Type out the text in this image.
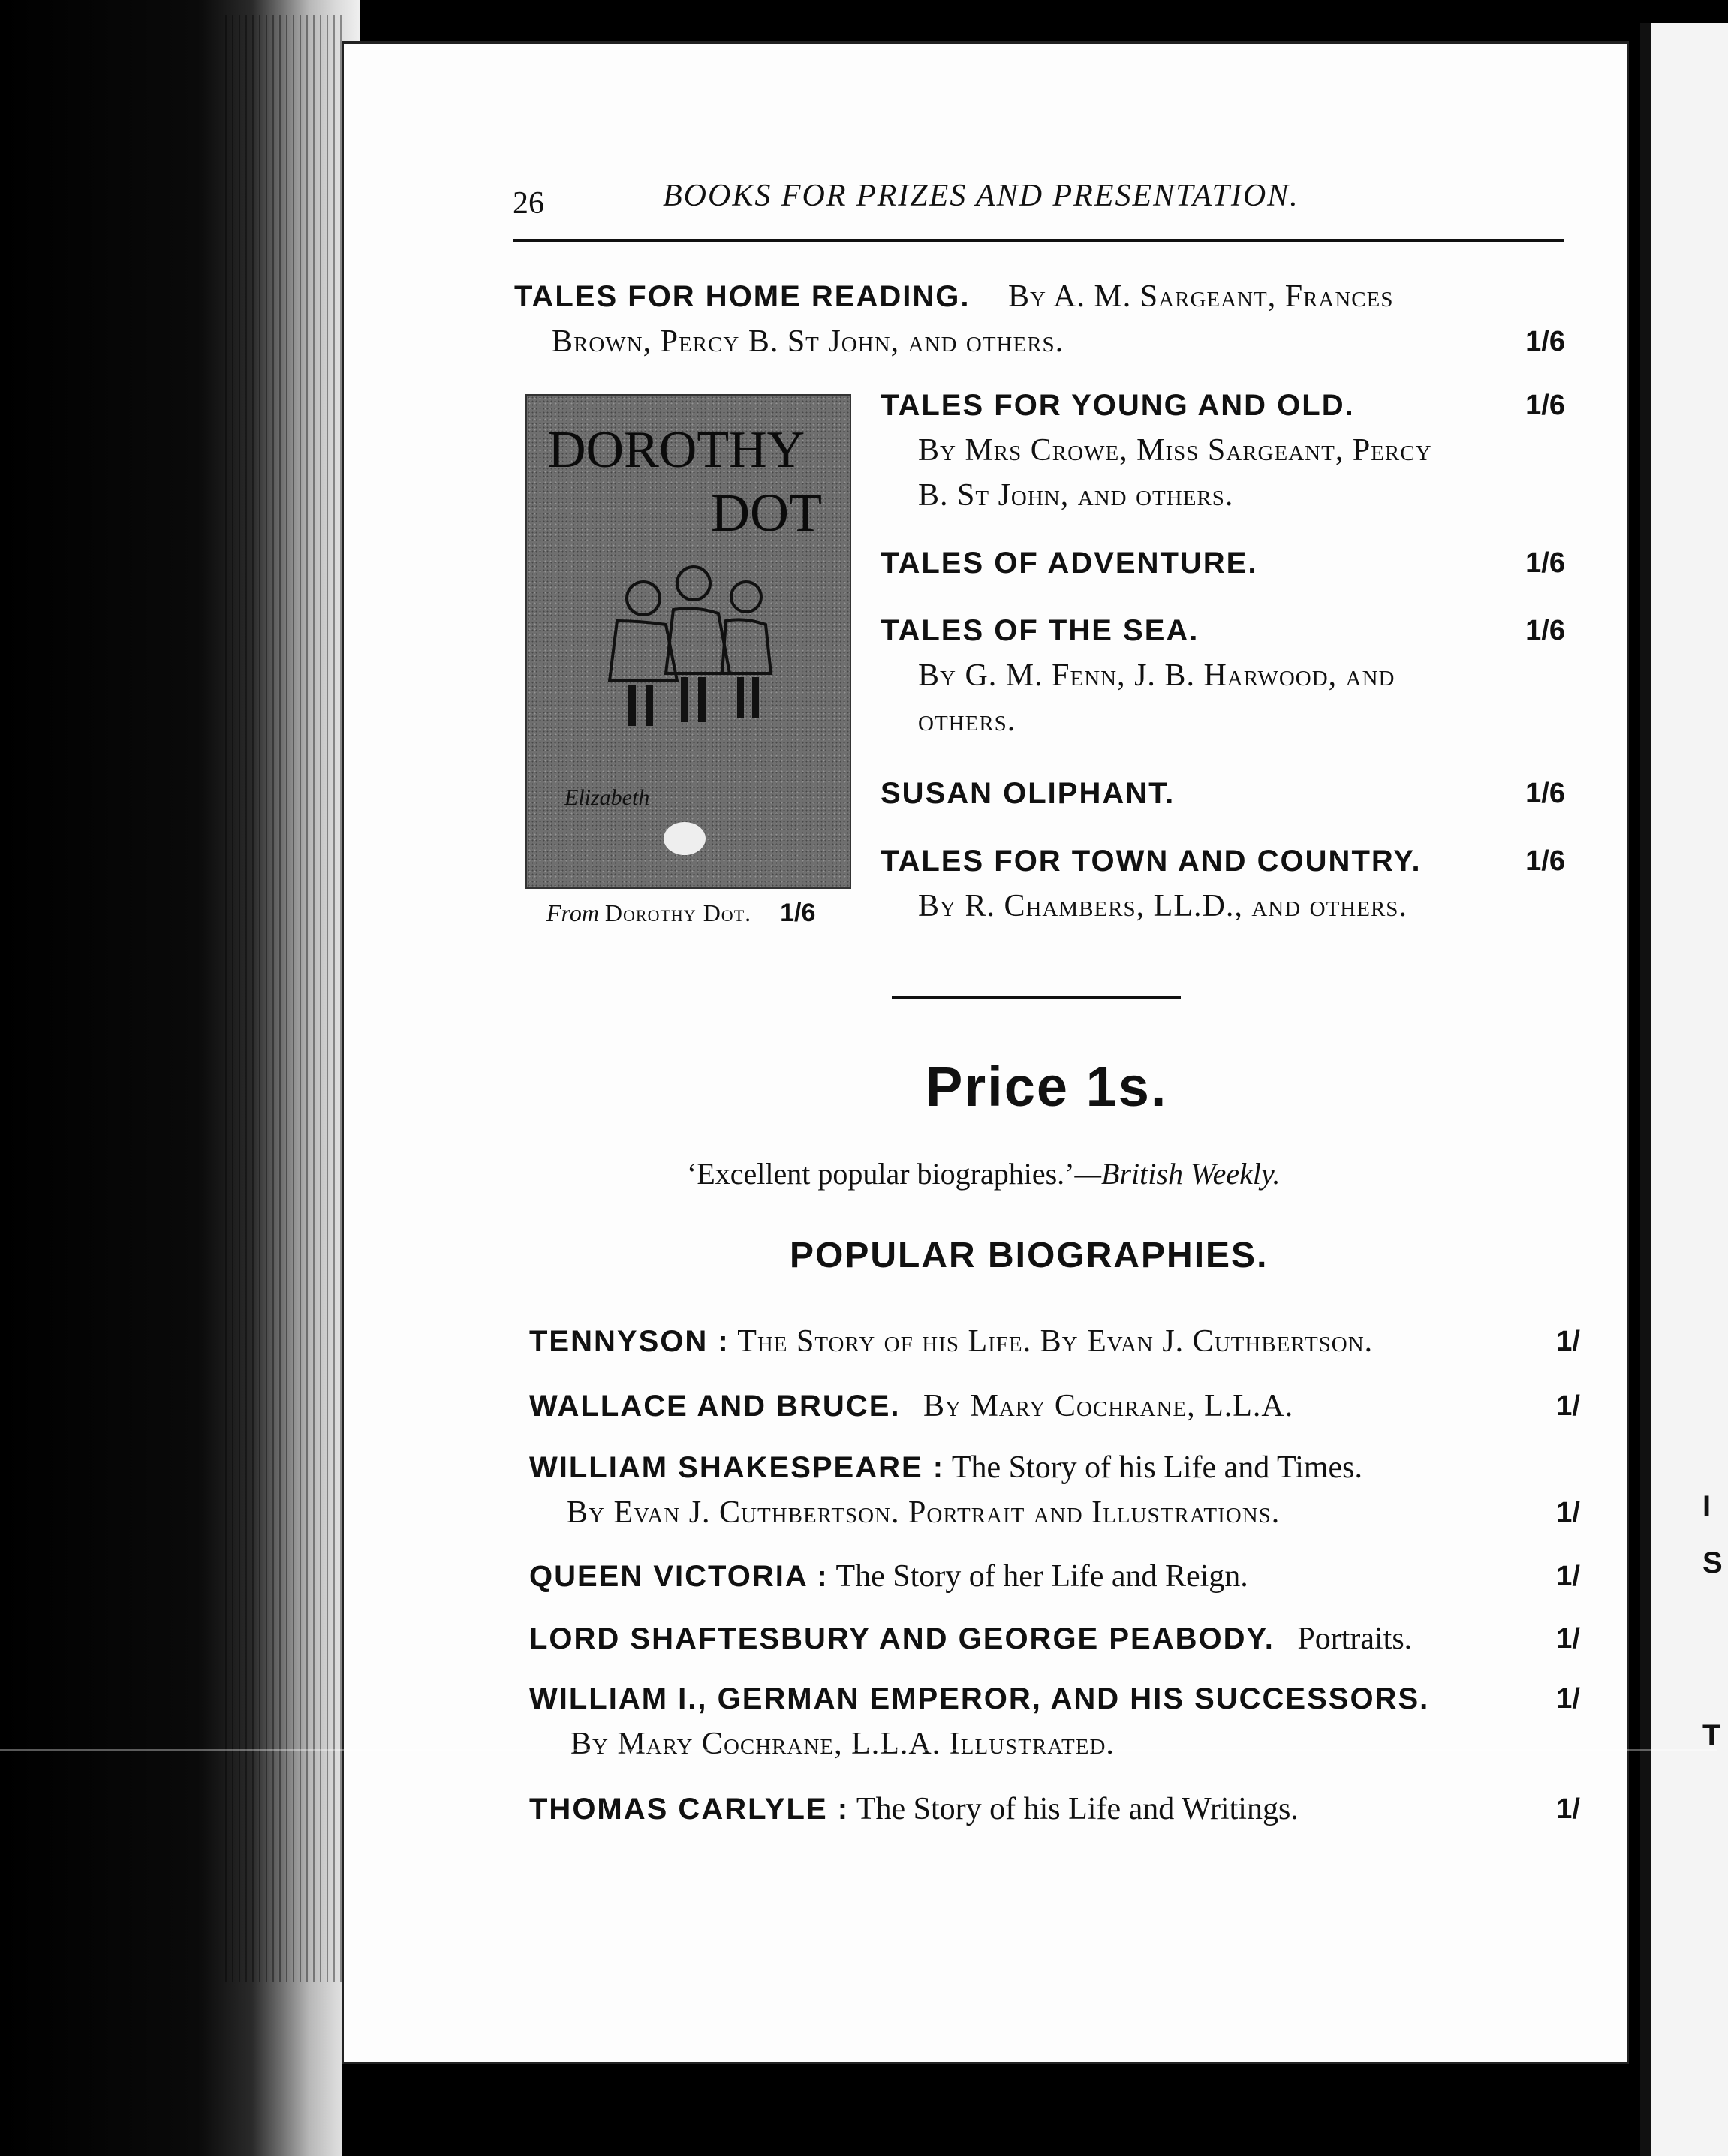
I
S
T
26	BOOKS FOR PRIZES AND PRESENTATION.
TALES FOR HOME READING. By A. M. Sargeant, Frances
Brown, Percy B. St John, and others.	1/6
DOROTHY
DOT
Elizabeth
From Dorothy Dot. 1/6
TALES FOR YOUNG AND OLD.	1/6
By Mrs Crowe, Miss Sargeant, Percy
B. St John, and others.
TALES OF ADVENTURE.	1/6
TALES OF THE SEA.	1/6
By G. M. Fenn, J. B. Harwood, and
others.
SUSAN OLIPHANT.	1/6
TALES FOR TOWN AND COUNTRY.	1/6
By R. Chambers, LL.D., and others.
Price 1s.
‘Excellent popular biographies.’—British Weekly.
POPULAR BIOGRAPHIES.
TENNYSON : The Story of his Life. By Evan J. Cuthbertson.	1/
WALLACE AND BRUCE. By Mary Cochrane, L.L.A.	1/
WILLIAM SHAKESPEARE : The Story of his Life and Times.
By Evan J. Cuthbertson. Portrait and Illustrations.	1/
QUEEN VICTORIA : The Story of her Life and Reign.	1/
LORD SHAFTESBURY AND GEORGE PEABODY. Portraits.	1/
WILLIAM I., GERMAN EMPEROR, AND HIS SUCCESSORS.	1/
By Mary Cochrane, L.L.A. Illustrated.
THOMAS CARLYLE : The Story of his Life and Writings.	1/
